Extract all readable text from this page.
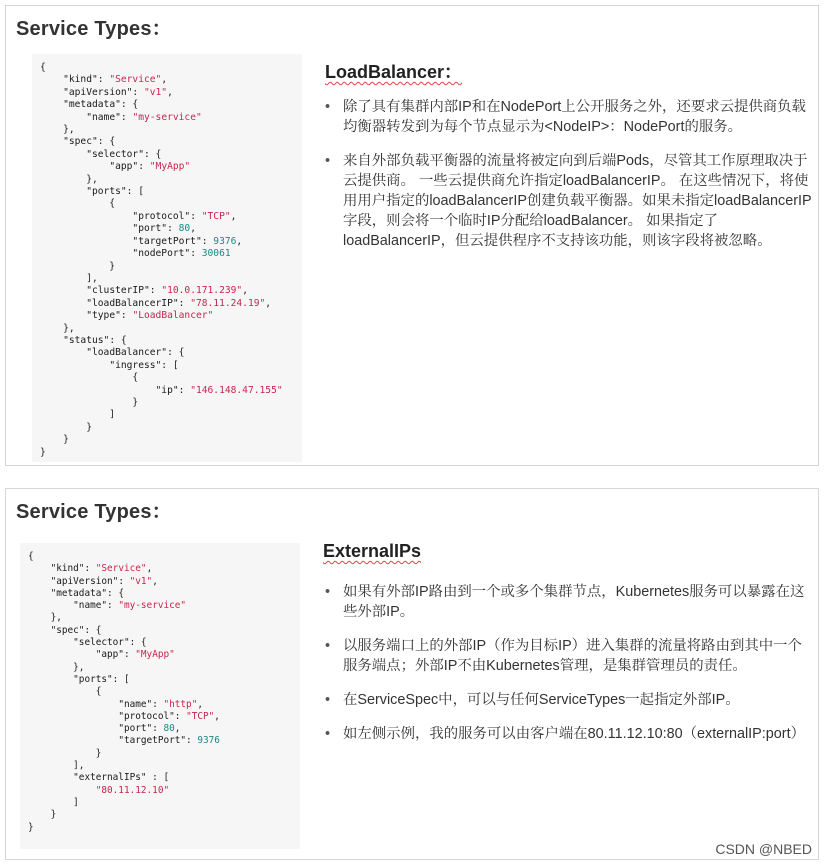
Service Types：
{
"kind": "Service",
"apiVersion": "v1",
"metadata": {
"name": "my-service"
},
"spec": {
"selector": {
"app": "MyApp"
},
"ports": [
{
"protocol": "TCP",
"port": 80,
"targetPort": 9376,
"nodePort": 30061
}
],
"clusterIP": "10.0.171.239",
"loadBalancerIP": "78.11.24.19",
"type": "LoadBalancer"
},
"status": {
"loadBalancer": {
"ingress": [
{
"ip": "146.148.47.155"
}
]
}
}
}
LoadBalancer：
• 除了具有集群内部IP和在NodePort上公开服务之外，还要求云提供商负载均衡器转发到为每个节点显示为<NodeIP>：NodePort的服务。
• 来自外部负载平衡器的流量将被定向到后端Pods，尽管其工作原理取决于云提供商。 一些云提供商允许指定loadBalancerIP。 在这些情况下，将使用用户指定的loadBalancerIP创建负载平衡器。如果未指定loadBalancerIP字段，则会将一个临时IP分配给loadBalancer。 如果指定了loadBalancerIP，但云提供程序不支持该功能，则该字段将被忽略。
Service Types：
{
"kind": "Service",
"apiVersion": "v1",
"metadata": {
"name": "my-service"
},
"spec": {
"selector": {
"app": "MyApp"
},
"ports": [
{
"name": "http",
"protocol": "TCP",
"port": 80,
"targetPort": 9376
}
],
"externalIPs" : [
"80.11.12.10"
]
}
}
ExternalIPs
• 如果有外部IP路由到一个或多个集群节点，Kubernetes服务可以暴露在这些外部IP。
• 以服务端口上的外部IP（作为目标IP）进入集群的流量将路由到其中一个服务端点；外部IP不由Kubernetes管理，是集群管理员的责任。
• 在ServiceSpec中，可以与任何ServiceTypes一起指定外部IP。
• 如左侧示例，我的服务可以由客户端在80.11.12.10:80（externalIP:port）
CSDN @NBED
